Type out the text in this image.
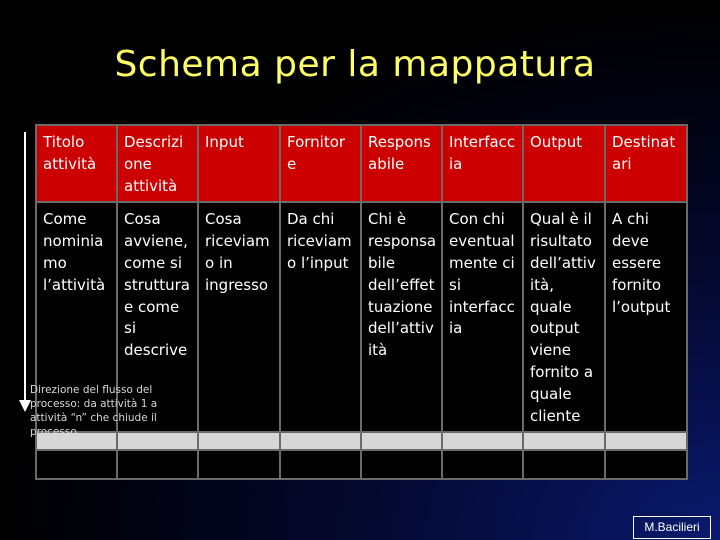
Schema per la mappatura
Titolo attività	Descrizi one attività	Input	Fornitor e	Respons abile	Interfacc ia	Output	Destinat ari
Come nominia mo l’attività	Cosa avviene, come si struttura e come si descrive	Cosa riceviam o in ingresso	Da chi riceviam o l’input	Chi è responsa bile dell’effet tuazione dell’attiv ità	Con chi eventual mente ci si interfacc ia	Qual è il risultato dell’attiv ità, quale output viene fornito a quale cliente	A chi deve essere fornito l’output

Direzione del flusso del processo: da attività 1 a attività “n” che chiude il processo
M.Bacilieri
